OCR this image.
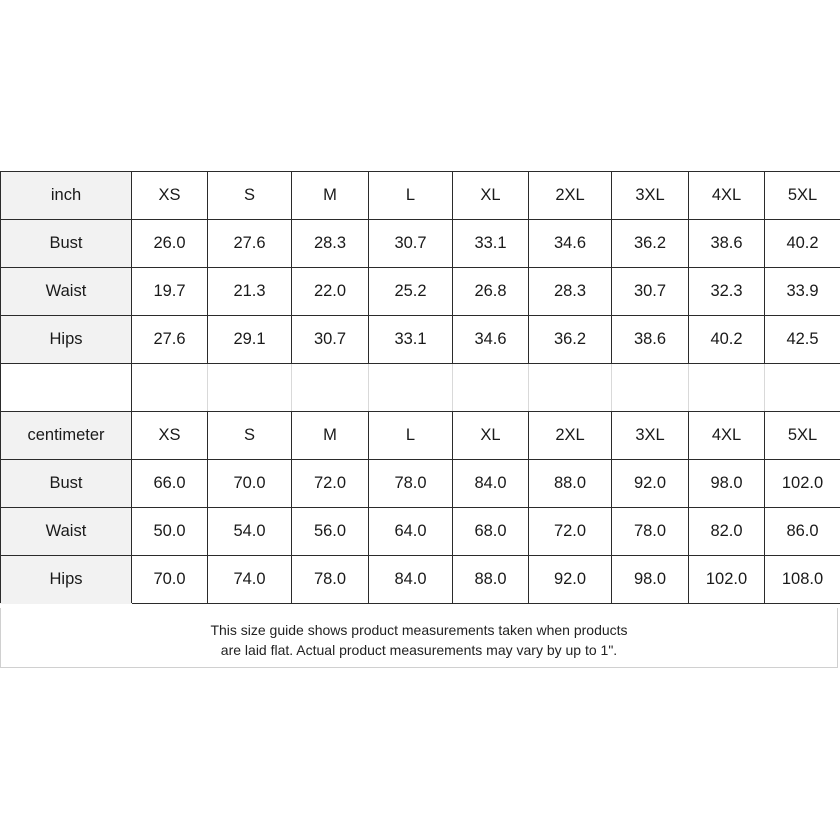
inch	XS	S	M	L	XL	2XL	3XL	4XL	5XL
Bust	26.0	27.6	28.3	30.7	33.1	34.6	36.2	38.6	40.2
Waist	19.7	21.3	22.0	25.2	26.8	28.3	30.7	32.3	33.9
Hips	27.6	29.1	30.7	33.1	34.6	36.2	38.6	40.2	42.5

centimeter	XS	S	M	L	XL	2XL	3XL	4XL	5XL
Bust	66.0	70.0	72.0	78.0	84.0	88.0	92.0	98.0	102.0
Waist	50.0	54.0	56.0	64.0	68.0	72.0	78.0	82.0	86.0
Hips	70.0	74.0	78.0	84.0	88.0	92.0	98.0	102.0	108.0
This size guide shows product measurements taken when products
are laid flat. Actual product measurements may vary by up to 1".
